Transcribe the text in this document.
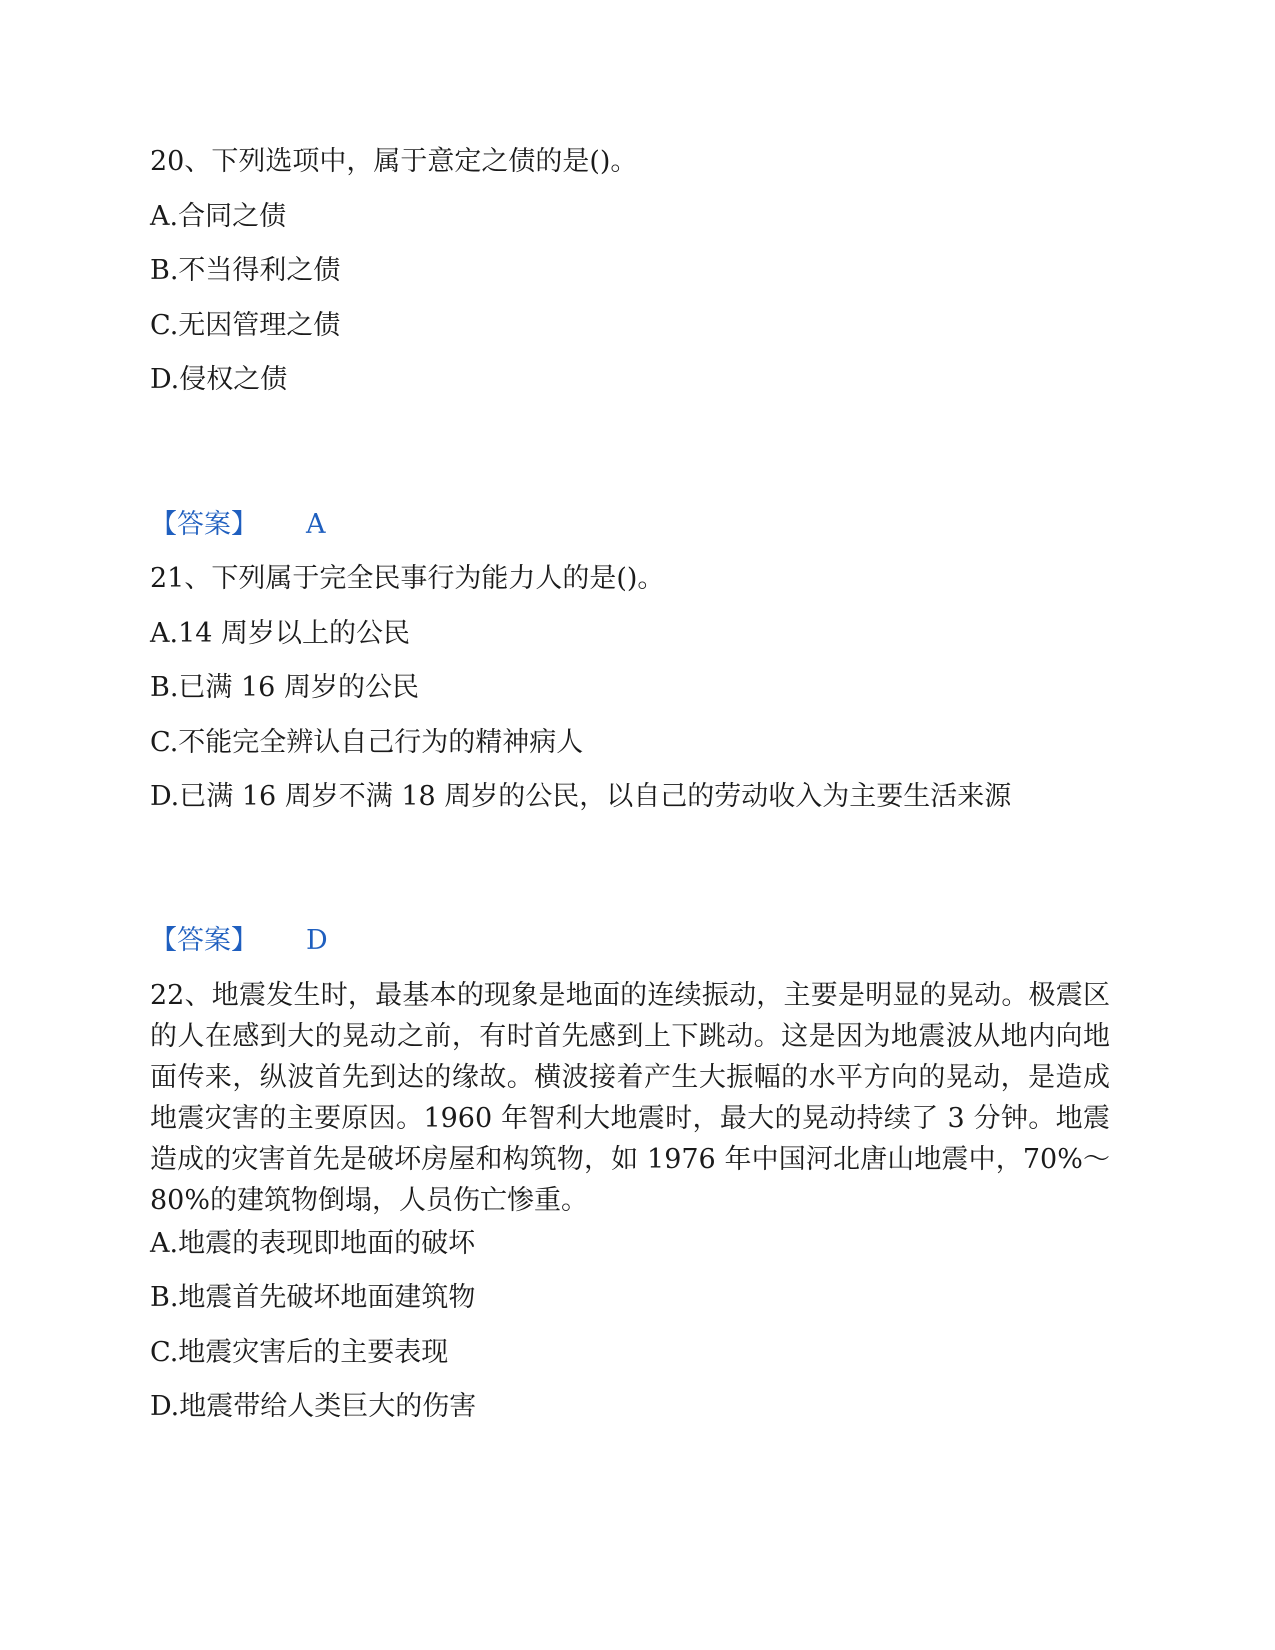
20、下列选项中，属于意定之债的是()。

A.合同之债

B.不当得利之债

C.无因管理之债

D.侵权之债

【答案】 A

21、下列属于完全民事行为能力人的是()。

A.14 周岁以上的公民

B.已满 16 周岁的公民

C.不能完全辨认自己行为的精神病人

D.已满 16 周岁不满 18 周岁的公民，以自己的劳动收入为主要生活来源

【答案】 D

22、地震发生时，最基本的现象是地面的连续振动，主要是明显的晃动。极震区的人在感到大的晃动之前，有时首先感到上下跳动。这是因为地震波从地内向地面传来，纵波首先到达的缘故。横波接着产生大振幅的水平方向的晃动，是造成地震灾害的主要原因。1960 年智利大地震时，最大的晃动持续了 3 分钟。地震造成的灾害首先是破坏房屋和构筑物，如 1976 年中国河北唐山地震中，70%～80%的建筑物倒塌，人员伤亡惨重。

A.地震的表现即地面的破坏

B.地震首先破坏地面建筑物

C.地震灾害后的主要表现

D.地震带给人类巨大的伤害
